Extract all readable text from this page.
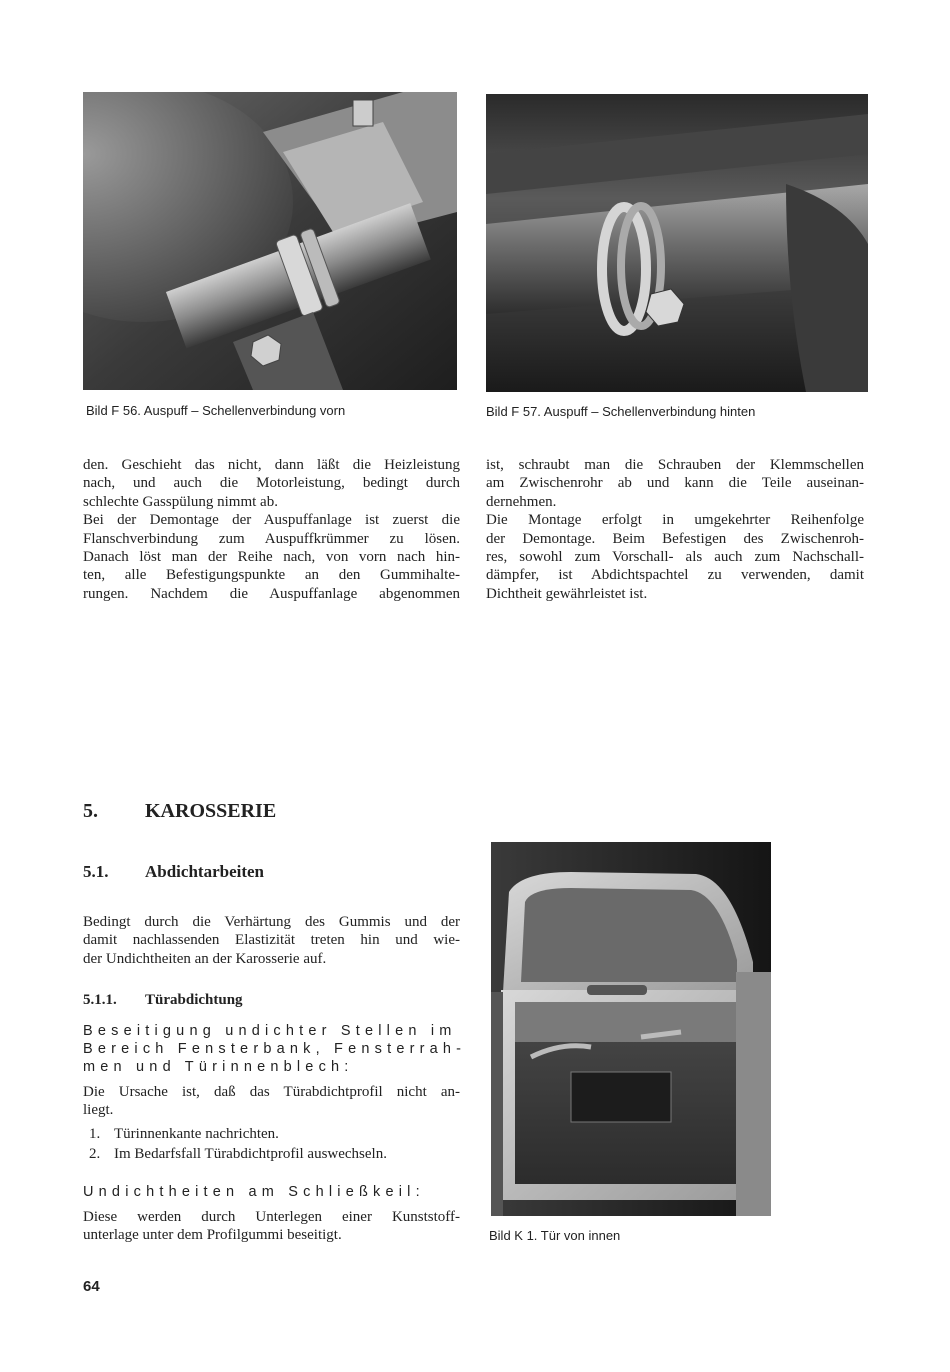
Bild F 56. Auspuff – Schellenverbindung vorn	Bild F 57. Auspuff – Schellenverbindung hinten
den. Geschieht das nicht, dann läßt die Heizleistung
nach, und auch die Motorleistung, bedingt durch
schlechte Gasspülung nimmt ab.
Bei der Demontage der Auspuffanlage ist zuerst die
Flanschverbindung zum Auspuffkrümmer zu lösen.
Danach löst man der Reihe nach, von vorn nach hin-
ten, alle Befestigungspunkte an den Gummihalte-
rungen. Nachdem die Auspuffanlage abgenommen
ist, schraubt man die Schrauben der Klemmschellen
am Zwischenrohr ab und kann die Teile auseinan-
dernehmen.
Die Montage erfolgt in umgekehrter Reihenfolge
der Demontage. Beim Befestigen des Zwischenroh-
res, sowohl zum Vorschall- als auch zum Nachschall-
dämpfer, ist Abdichtspachtel zu verwenden, damit
Dichtheit gewährleistet ist.
5. KAROSSERIE
5.1. Abdichtarbeiten
Bedingt durch die Verhärtung des Gummis und der
damit nachlassenden Elastizität treten hin und wie-
der Undichtheiten an der Karosserie auf.
5.1.1. Türabdichtung
Beseitigung undichter Stellen im
Bereich Fensterbank, Fensterrah-
men und Türinnenblech:
Die Ursache ist, daß das Türabdichtprofil nicht an-
liegt.
1. Türinnenkante nachrichten.
2. Im Bedarfsfall Türabdichtprofil auswechseln.
Undichtheiten am Schließkeil:
Diese werden durch Unterlegen einer Kunststoff-
unterlage unter dem Profilgummi beseitigt.	Bild K 1. Tür von innen
64
